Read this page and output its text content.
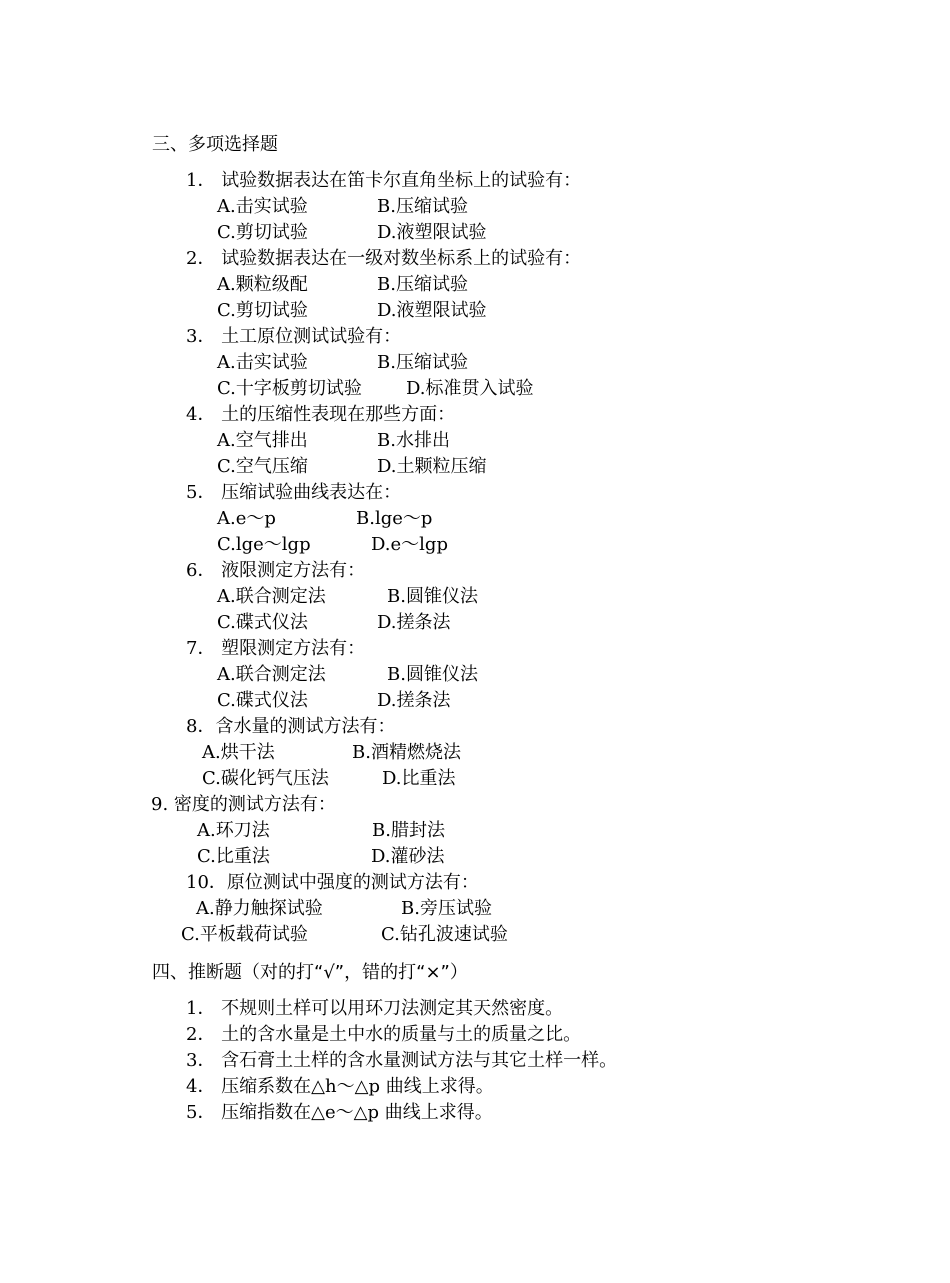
三、多项选择题
1． 试验数据表达在笛卡尔直角坐标上的试验有：
A.击实试验	B.压缩试验
C.剪切试验	D.液塑限试验
2． 试验数据表达在一级对数坐标系上的试验有：
A.颗粒级配	B.压缩试验
C.剪切试验	D.液塑限试验
3． 土工原位测试试验有：
A.击实试验	B.压缩试验
C.十字板剪切试验 D.标准贯入试验
4． 土的压缩性表现在那些方面：
A.空气排出	B.水排出
C.空气压缩	D.土颗粒压缩
5． 压缩试验曲线表达在：
A.e～p	B.lge～p
C.lge～lgp	D.e～lgp
6． 液限测定方法有：
A.联合测定法	B.圆锥仪法
C.碟式仪法	D.搓条法
7． 塑限测定方法有：
A.联合测定法	B.圆锥仪法
C.碟式仪法	D.搓条法
8．含水量的测试方法有：
A.烘干法	B.酒精燃烧法
C.碳化钙气压法	D.比重法
9. 密度的测试方法有：
A.环刀法	B.腊封法
C.比重法	D.灌砂法
10．原位测试中强度的测试方法有：
A.静力触探试验	B.旁压试验
C.平板载荷试验	C.钻孔波速试验
四、推断题（对的打“√”，错的打“×”）
1． 不规则土样可以用环刀法测定其天然密度。
2． 土的含水量是土中水的质量与土的质量之比。
3． 含石膏土土样的含水量测试方法与其它土样一样。
4． 压缩系数在△h～△p 曲线上求得。
5． 压缩指数在△e～△p 曲线上求得。
